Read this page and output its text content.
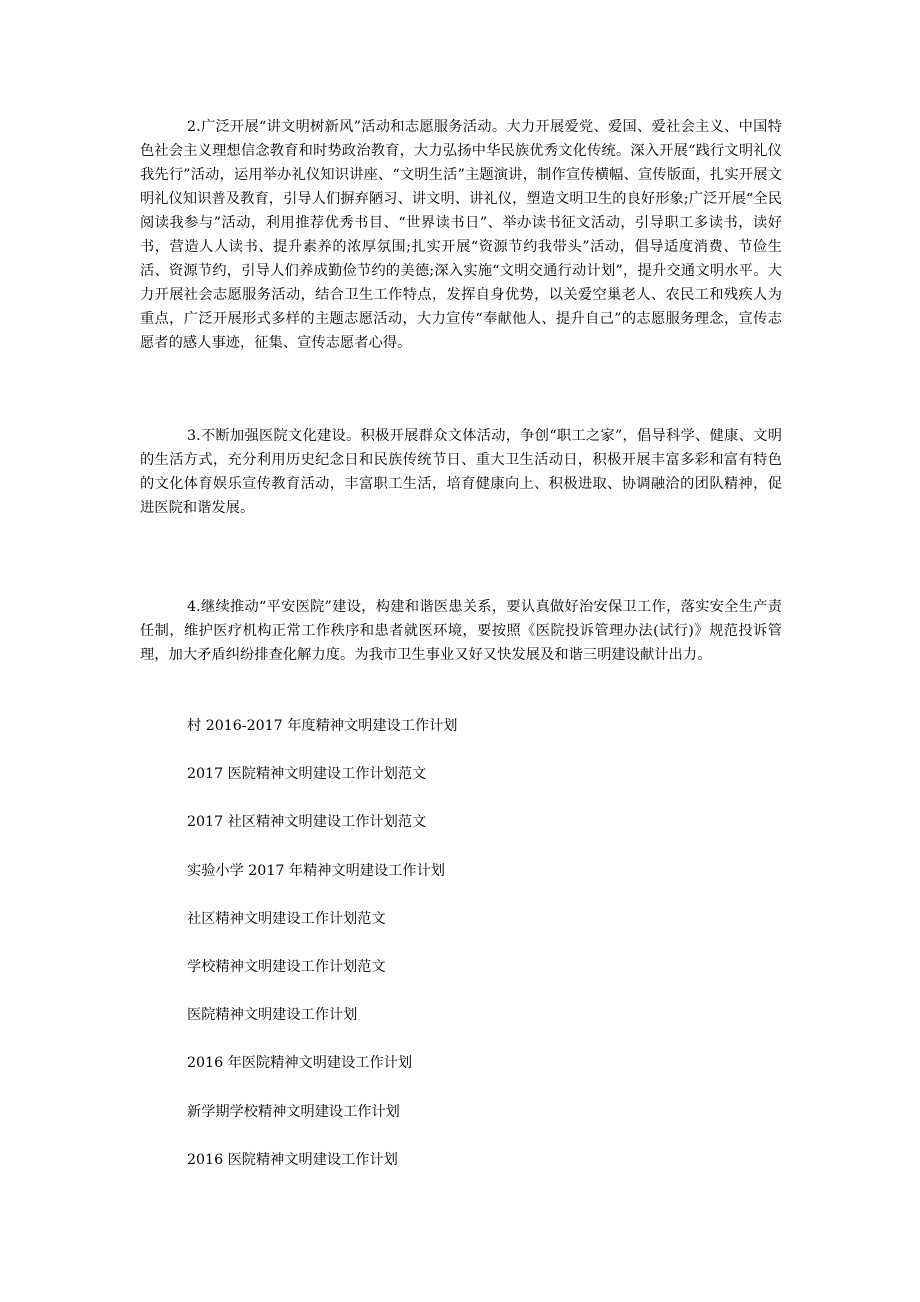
2.广泛开展“讲文明树新风”活动和志愿服务活动。大力开展爱党、爱国、爱社会主义、中国特色社会主义理想信念教育和时势政治教育，大力弘扬中华民族优秀文化传统。深入开展“践行文明礼仪我先行”活动，运用举办礼仪知识讲座、“文明生活”主题演讲，制作宣传横幅、宣传版面，扎实开展文明礼仪知识普及教育，引导人们摒弃陋习、讲文明、讲礼仪，塑造文明卫生的良好形象;广泛开展“全民阅读我参与”活动，利用推荐优秀书目、“世界读书日”、举办读书征文活动，引导职工多读书，读好书，营造人人读书、提升素养的浓厚氛围;扎实开展“资源节约我带头”活动，倡导适度消费、节俭生活、资源节约，引导人们养成勤俭节约的美德;深入实施“文明交通行动计划”，提升交通文明水平。大力开展社会志愿服务活动，结合卫生工作特点，发挥自身优势，以关爱空巢老人、农民工和残疾人为重点，广泛开展形式多样的主题志愿活动，大力宣传“奉献他人、提升自己”的志愿服务理念，宣传志愿者的感人事迹，征集、宣传志愿者心得。

3.不断加强医院文化建设。积极开展群众文体活动，争创“职工之家”，倡导科学、健康、文明的生活方式，充分利用历史纪念日和民族传统节日、重大卫生活动日，积极开展丰富多彩和富有特色的文化体育娱乐宣传教育活动，丰富职工生活，培育健康向上、积极进取、协调融洽的团队精神，促进医院和谐发展。

4.继续推动“平安医院”建设，构建和谐医患关系，要认真做好治安保卫工作，落实安全生产责任制，维护医疗机构正常工作秩序和患者就医环境，要按照《医院投诉管理办法(试行)》规范投诉管理，加大矛盾纠纷排查化解力度。为我市卫生事业又好又快发展及和谐三明建设献计出力。

村 2016-2017 年度精神文明建设工作计划
2017 医院精神文明建设工作计划范文
2017 社区精神文明建设工作计划范文
实验小学 2017 年精神文明建设工作计划
社区精神文明建设工作计划范文
学校精神文明建设工作计划范文
医院精神文明建设工作计划
2016 年医院精神文明建设工作计划
新学期学校精神文明建设工作计划
2016 医院精神文明建设工作计划
